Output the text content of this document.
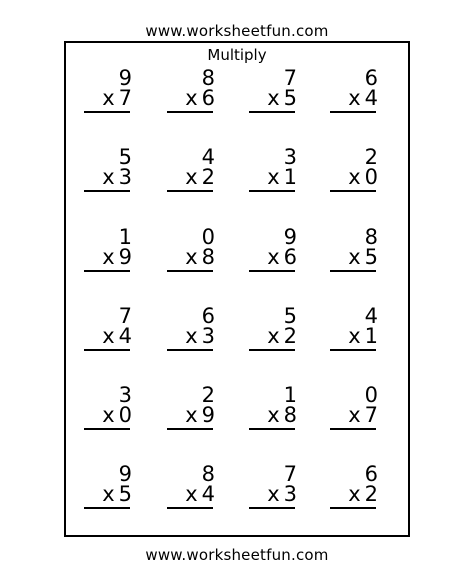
www.worksheetfun.com
Multiply
9
x 7
8
x 6
7
x 5
6
x 4
5
x 3
4
x 2
3
x 1
2
x 0
1
x 9
0
x 8
9
x 6
8
x 5
7
x 4
6
x 3
5
x 2
4
x 1
3
x 0
2
x 9
1
x 8
0
x 7
9
x 5
8
x 4
7
x 3
6
x 2
www.worksheetfun.com
